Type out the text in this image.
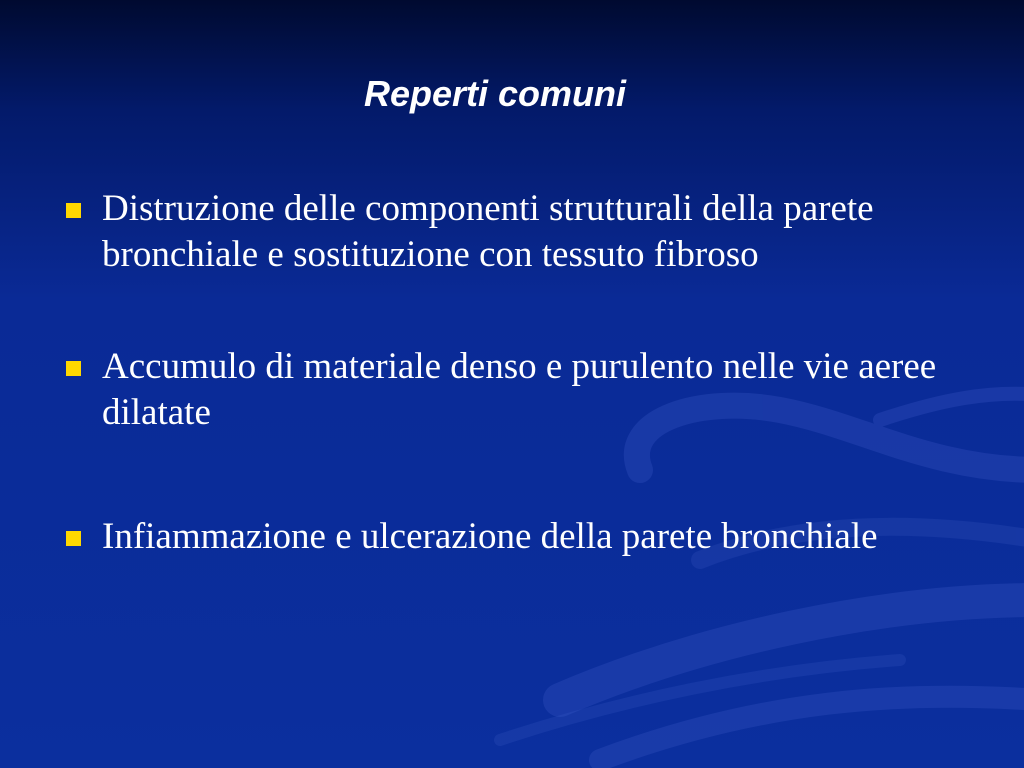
Reperti comuni
Distruzione delle componenti strutturali della parete bronchiale e sostituzione con tessuto fibroso
Accumulo di materiale denso e purulento nelle vie aeree dilatate
Infiammazione e ulcerazione della parete bronchiale
